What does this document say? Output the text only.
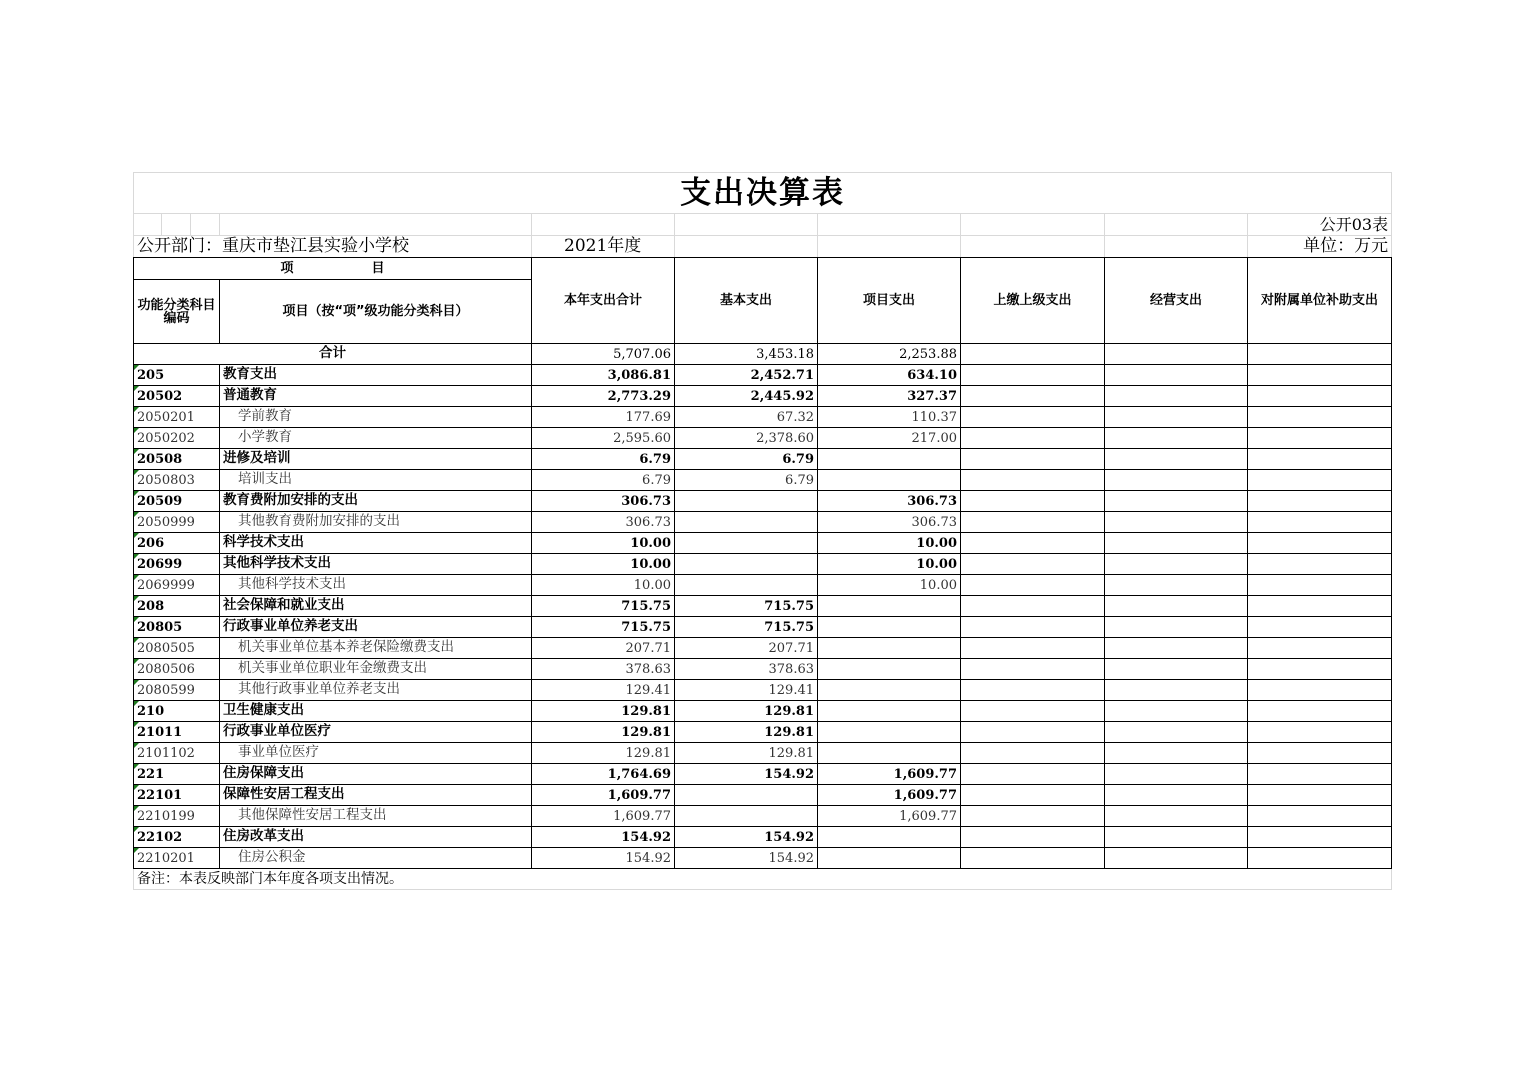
支出决算表									
									公开03表
公开部门：重庆市垫江县实验小学校				2021年度					单位：万元
项　　　　　　目				本年支出合计	基本支出	项目支出	上缴上级支出	经营支出	对附属单位补助支出
功能分类科目编码			项目（按“项”级功能分类科目）						
合计				5,707.06	3,453.18	2,253.88			
205			教育支出	3,086.81	2,452.71	634.10			
20502			普通教育	2,773.29	2,445.92	327.37			
2050201			学前教育	177.69	67.32	110.37			
2050202			小学教育	2,595.60	2,378.60	217.00			
20508			进修及培训	6.79	6.79				
2050803			培训支出	6.79	6.79				
20509			教育费附加安排的支出	306.73		306.73			
2050999			其他教育费附加安排的支出	306.73		306.73			
206			科学技术支出	10.00		10.00			
20699			其他科学技术支出	10.00		10.00			
2069999			其他科学技术支出	10.00		10.00			
208			社会保障和就业支出	715.75	715.75				
20805			行政事业单位养老支出	715.75	715.75				
2080505			机关事业单位基本养老保险缴费支出	207.71	207.71				
2080506			机关事业单位职业年金缴费支出	378.63	378.63				
2080599			其他行政事业单位养老支出	129.41	129.41				
210			卫生健康支出	129.81	129.81				
21011			行政事业单位医疗	129.81	129.81				
2101102			事业单位医疗	129.81	129.81				
221			住房保障支出	1,764.69	154.92	1,609.77			
22101			保障性安居工程支出	1,609.77		1,609.77			
2210199			其他保障性安居工程支出	1,609.77		1,609.77			
22102			住房改革支出	154.92	154.92				
2210201			住房公积金	154.92	154.92				
备注：本表反映部门本年度各项支出情况。									
